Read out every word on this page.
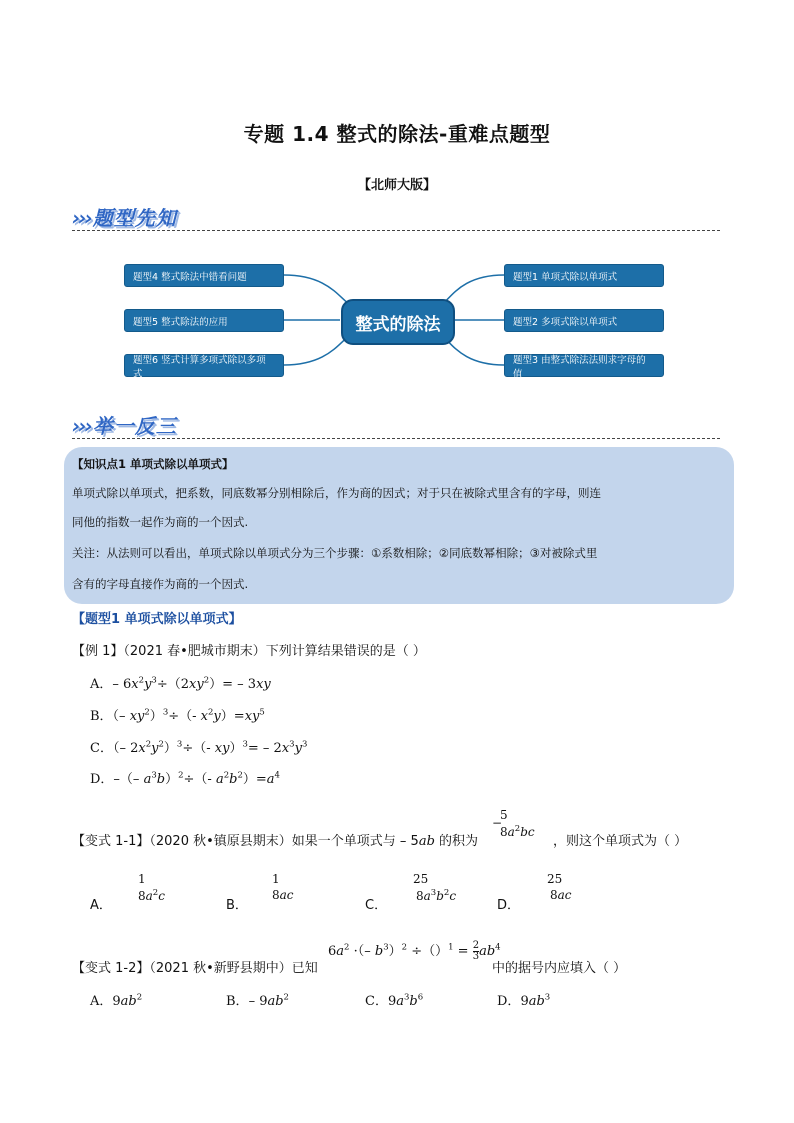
专题 1.4 整式的除法-重难点题型
【北师大版】
››› 题型先知
题型4 整式除法中错看问题
题型5 整式除法的应用
题型6 竖式计算多项式除以多项式
整式的除法
题型1 单项式除以单项式
题型2 多项式除以单项式
题型3 由整式除法法则求字母的值
››› 举一反三
【知识点1 单项式除以单项式】
单项式除以单项式，把系数，同底数幂分别相除后，作为商的因式；对于只在被除式里含有的字母，则连
同他的指数一起作为商的一个因式.
关注：从法则可以看出，单项式除以单项式分为三个步骤：①系数相除；②同底数幂相除；③对被除式里
含有的字母直接作为商的一个因式.
【题型1 单项式除以单项式】
【例 1】（2021 春•肥城市期末）下列计算结果错误的是（ ）
A．– $6x^2y^3\div(2xy^2)= - 3xy$
B．（– $xy^2)^3\div(-$ $x^2y)=xy^5$
C．（– $2x^2y^2)^3\div(-$ $xy)^3= - 2x^3y^3$
D．–（– $a^3b)^2\div(-$ $a^2b^2)=a^4$
【变式 1-1】（2020 秋•镇原县期末）如果一个单项式与 – 5ab 的积为
−
5
$8a^2bc$
，则这个单项式为（ ）
A．
1
$8a^2c$
B．
1
8ac
C．
25
$8a^3b^2c$
D．
25
8ac
【变式 1-2】（2021 秋•新野县期中）已知
$6a^2$ ·（– $b^3)^2 \div()^1 = \frac{2}{3} ab^4$
中的据号内应填入（ ）
A．$9ab^2$	B．– $9ab^2$	C．$9a^3b^6$	D．$9ab^3$
